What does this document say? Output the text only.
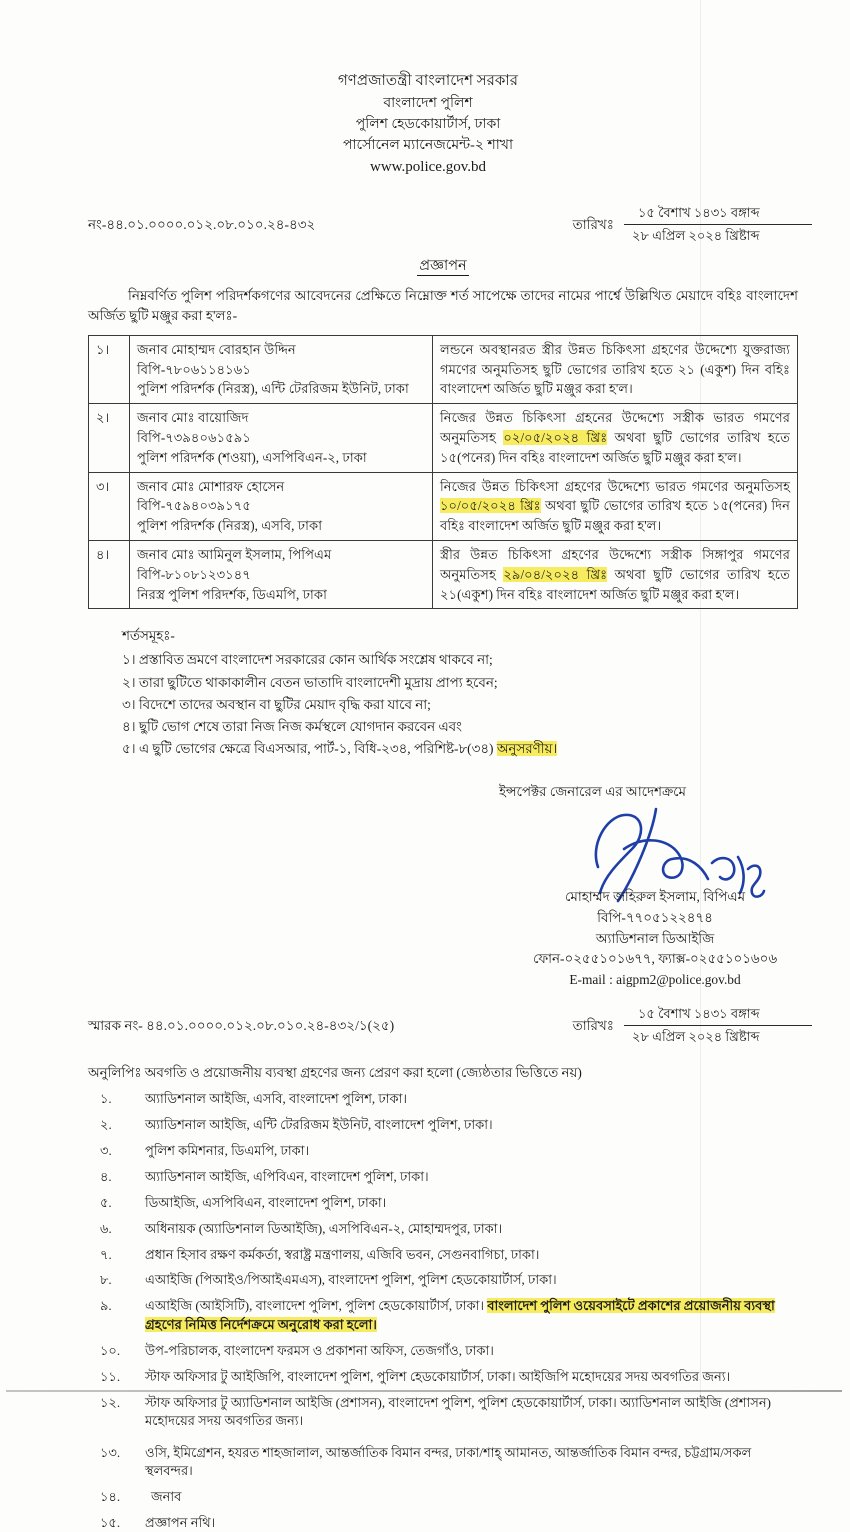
গণপ্রজাতন্ত্রী বাংলাদেশ সরকার
বাংলাদেশ পুলিশ
পুলিশ হেডকোয়ার্টার্স, ঢাকা
পার্সোনেল ম্যানেজমেন্ট-২ শাখা
www.police.gov.bd
নং-৪৪.০১.০০০০.০১২.০৮.০১০.২৪-৪৩২	তারিখঃ
১৫ বৈশাখ ১৪৩১ বঙ্গাব্দ
২৮ এপ্রিল ২০২৪ খ্রিষ্টাব্দ
প্রজ্ঞাপন
নিম্নবর্ণিত পুলিশ পরিদর্শকগণের আবেদনের প্রেক্ষিতে নিম্নোক্ত শর্ত সাপেক্ষে তাদের নামের পার্শ্বে উল্লিখিত মেয়াদে বহিঃ বাংলাদেশ অর্জিত ছুটি মঞ্জুর করা হ'লঃ-
১।	জনাব মোহাম্মদ বোরহান উদ্দিন
বিপি-৭৮০৬১১৪১৬১
পুলিশ পরিদর্শক (নিরস্ত্র), এন্টি টেররিজম ইউনিট, ঢাকা	লন্ডনে অবস্থানরত স্ত্রীর উন্নত চিকিৎসা গ্রহণের উদ্দেশ্যে যুক্তরাজ্য গমণের অনুমতিসহ ছুটি ভোগের তারিখ হতে ২১ (একুশ) দিন বহিঃ বাংলাদেশ অর্জিত ছুটি মঞ্জুর করা হ'ল।
২।	জনাব মোঃ বায়োজিদ
বিপি-৭৩৯৪০৬১৫৯১
পুলিশ পরিদর্শক (শওয়া), এসপিবিএন-২, ঢাকা	নিজের উন্নত চিকিৎসা গ্রহনের উদ্দেশ্যে সস্ত্রীক ভারত গমণের অনুমতিসহ ০২/০৫/২০২৪ খ্রিঃ অথবা ছুটি ভোগের তারিখ হতে ১৫(পনের) দিন বহিঃ বাংলাদেশ অর্জিত ছুটি মঞ্জুর করা হ'ল।
৩।	জনাব মোঃ মোশারফ হোসেন
বিপি-৭৫৯৪০৩৯১৭৫
পুলিশ পরিদর্শক (নিরস্ত্র), এসবি, ঢাকা	নিজের উন্নত চিকিৎসা গ্রহণের উদ্দেশ্যে ভারত গমণের অনুমতিসহ ১০/০৫/২০২৪ খ্রিঃ অথবা ছুটি ভোগের তারিখ হতে ১৫(পনের) দিন বহিঃ বাংলাদেশ অর্জিত ছুটি মঞ্জুর করা হ'ল।
৪।	জনাব মোঃ আমিনুল ইসলাম, পিপিএম
বিপি-৮১০৮১২৩১৪৭
নিরস্ত্র পুলিশ পরিদর্শক, ডিএমপি, ঢাকা	স্ত্রীর উন্নত চিকিৎসা গ্রহণের উদ্দেশ্যে সস্ত্রীক সিঙ্গাপুর গমণের অনুমতিসহ ২৯/০৪/২০২৪ খ্রিঃ অথবা ছুটি ভোগের তারিখ হতে ২১(একুশ) দিন বহিঃ বাংলাদেশ অর্জিত ছুটি মঞ্জুর করা হ'ল।
শর্তসমূহঃ-
১। প্রস্তাবিত ভ্রমণে বাংলাদেশ সরকারের কোন আর্থিক সংশ্লেষ থাকবে না;
২। তারা ছুটিতে থাকাকালীন বেতন ভাতাদি বাংলাদেশী মুদ্রায় প্রাপ্য হবেন;
৩। বিদেশে তাদের অবস্থান বা ছুটির মেয়াদ বৃদ্ধি করা যাবে না;
৪। ছুটি ভোগ শেষে তারা নিজ নিজ কর্মস্থলে যোগদান করবেন এবং
৫। এ ছুটি ভোগের ক্ষেত্রে বিএসআর, পার্ট-১, বিধি-২৩৪, পরিশিষ্ট-৮(৩৪) অনুসরণীয়।
ইন্সপেক্টর জেনারেল এর আদেশক্রমে
মোহাম্মদ জহিরুল ইসলাম, বিপিএম
বিপি-৭৭০৫১২২৪৭৪
অ্যাডিশনাল ডিআইজি
ফোন-০২৫৫১০১৬৭৭, ফ্যাক্স-০২৫৫১০১৬০৬
E-mail : aigpm2@police.gov.bd
স্মারক নং- ৪৪.০১.০০০০.০১২.০৮.০১০.২৪-৪৩২/১(২৫)	তারিখঃ
১৫ বৈশাখ ১৪৩১ বঙ্গাব্দ
২৮ এপ্রিল ২০২৪ খ্রিষ্টাব্দ
অনুলিপিঃ অবগতি ও প্রয়োজনীয় ব্যবস্থা গ্রহণের জন্য প্রেরণ করা হলো (জ্যেষ্ঠতার ভিত্তিতে নয়)
১.	অ্যাডিশনাল আইজি, এসবি, বাংলাদেশ পুলিশ, ঢাকা।
২.	অ্যাডিশনাল আইজি, এন্টি টেররিজম ইউনিট, বাংলাদেশ পুলিশ, ঢাকা।
৩.	পুলিশ কমিশনার, ডিএমপি, ঢাকা।
৪.	অ্যাডিশনাল আইজি, এপিবিএন, বাংলাদেশ পুলিশ, ঢাকা।
৫.	ডিআইজি, এসপিবিএন, বাংলাদেশ পুলিশ, ঢাকা।
৬.	অধিনায়ক (অ্যাডিশনাল ডিআইজি), এসপিবিএন-২, মোহাম্মদপুর, ঢাকা।
৭.	প্রধান হিসাব রক্ষণ কর্মকর্তা, স্বরাষ্ট্র মন্ত্রণালয়, এজিবি ভবন, সেগুনবাগিচা, ঢাকা।
৮.	এআইজি (পিআইও/পিআইএমএস), বাংলাদেশ পুলিশ, পুলিশ হেডকোয়ার্টার্স, ঢাকা।
৯.	এআইজি (আইসিটি), বাংলাদেশ পুলিশ, পুলিশ হেডকোয়ার্টার্স, ঢাকা। বাংলাদেশ পুলিশ ওয়েবসাইটে প্রকাশের প্রয়োজনীয় ব্যবস্থা গ্রহণের নিমিত্ত নির্দেশক্রমে অনুরোধ করা হলো।
১০.	উপ-পরিচালক, বাংলাদেশ ফরমস ও প্রকাশনা অফিস, তেজগাঁও, ঢাকা।
১১.	স্টাফ অফিসার টু আইজিপি, বাংলাদেশ পুলিশ, পুলিশ হেডকোয়ার্টার্স, ঢাকা। আইজিপি মহোদয়ের সদয় অবগতির জন্য।
১২.	স্টাফ অফিসার টু অ্যাডিশনাল আইজি (প্রশাসন), বাংলাদেশ পুলিশ, পুলিশ হেডকোয়ার্টার্স, ঢাকা। অ্যাডিশনাল আইজি (প্রশাসন) মহোদয়ের সদয় অবগতির জন্য।
১৩.	ওসি, ইমিগ্রেশন, হযরত শাহজালাল, আন্তর্জাতিক বিমান বন্দর, ঢাকা/শাহ্ আমানত, আন্তর্জাতিক বিমান বন্দর, চট্টগ্রাম/সকল স্থলবন্দর।
১৪.	জনাব
১৫.	প্রজ্ঞাপন নথি।
